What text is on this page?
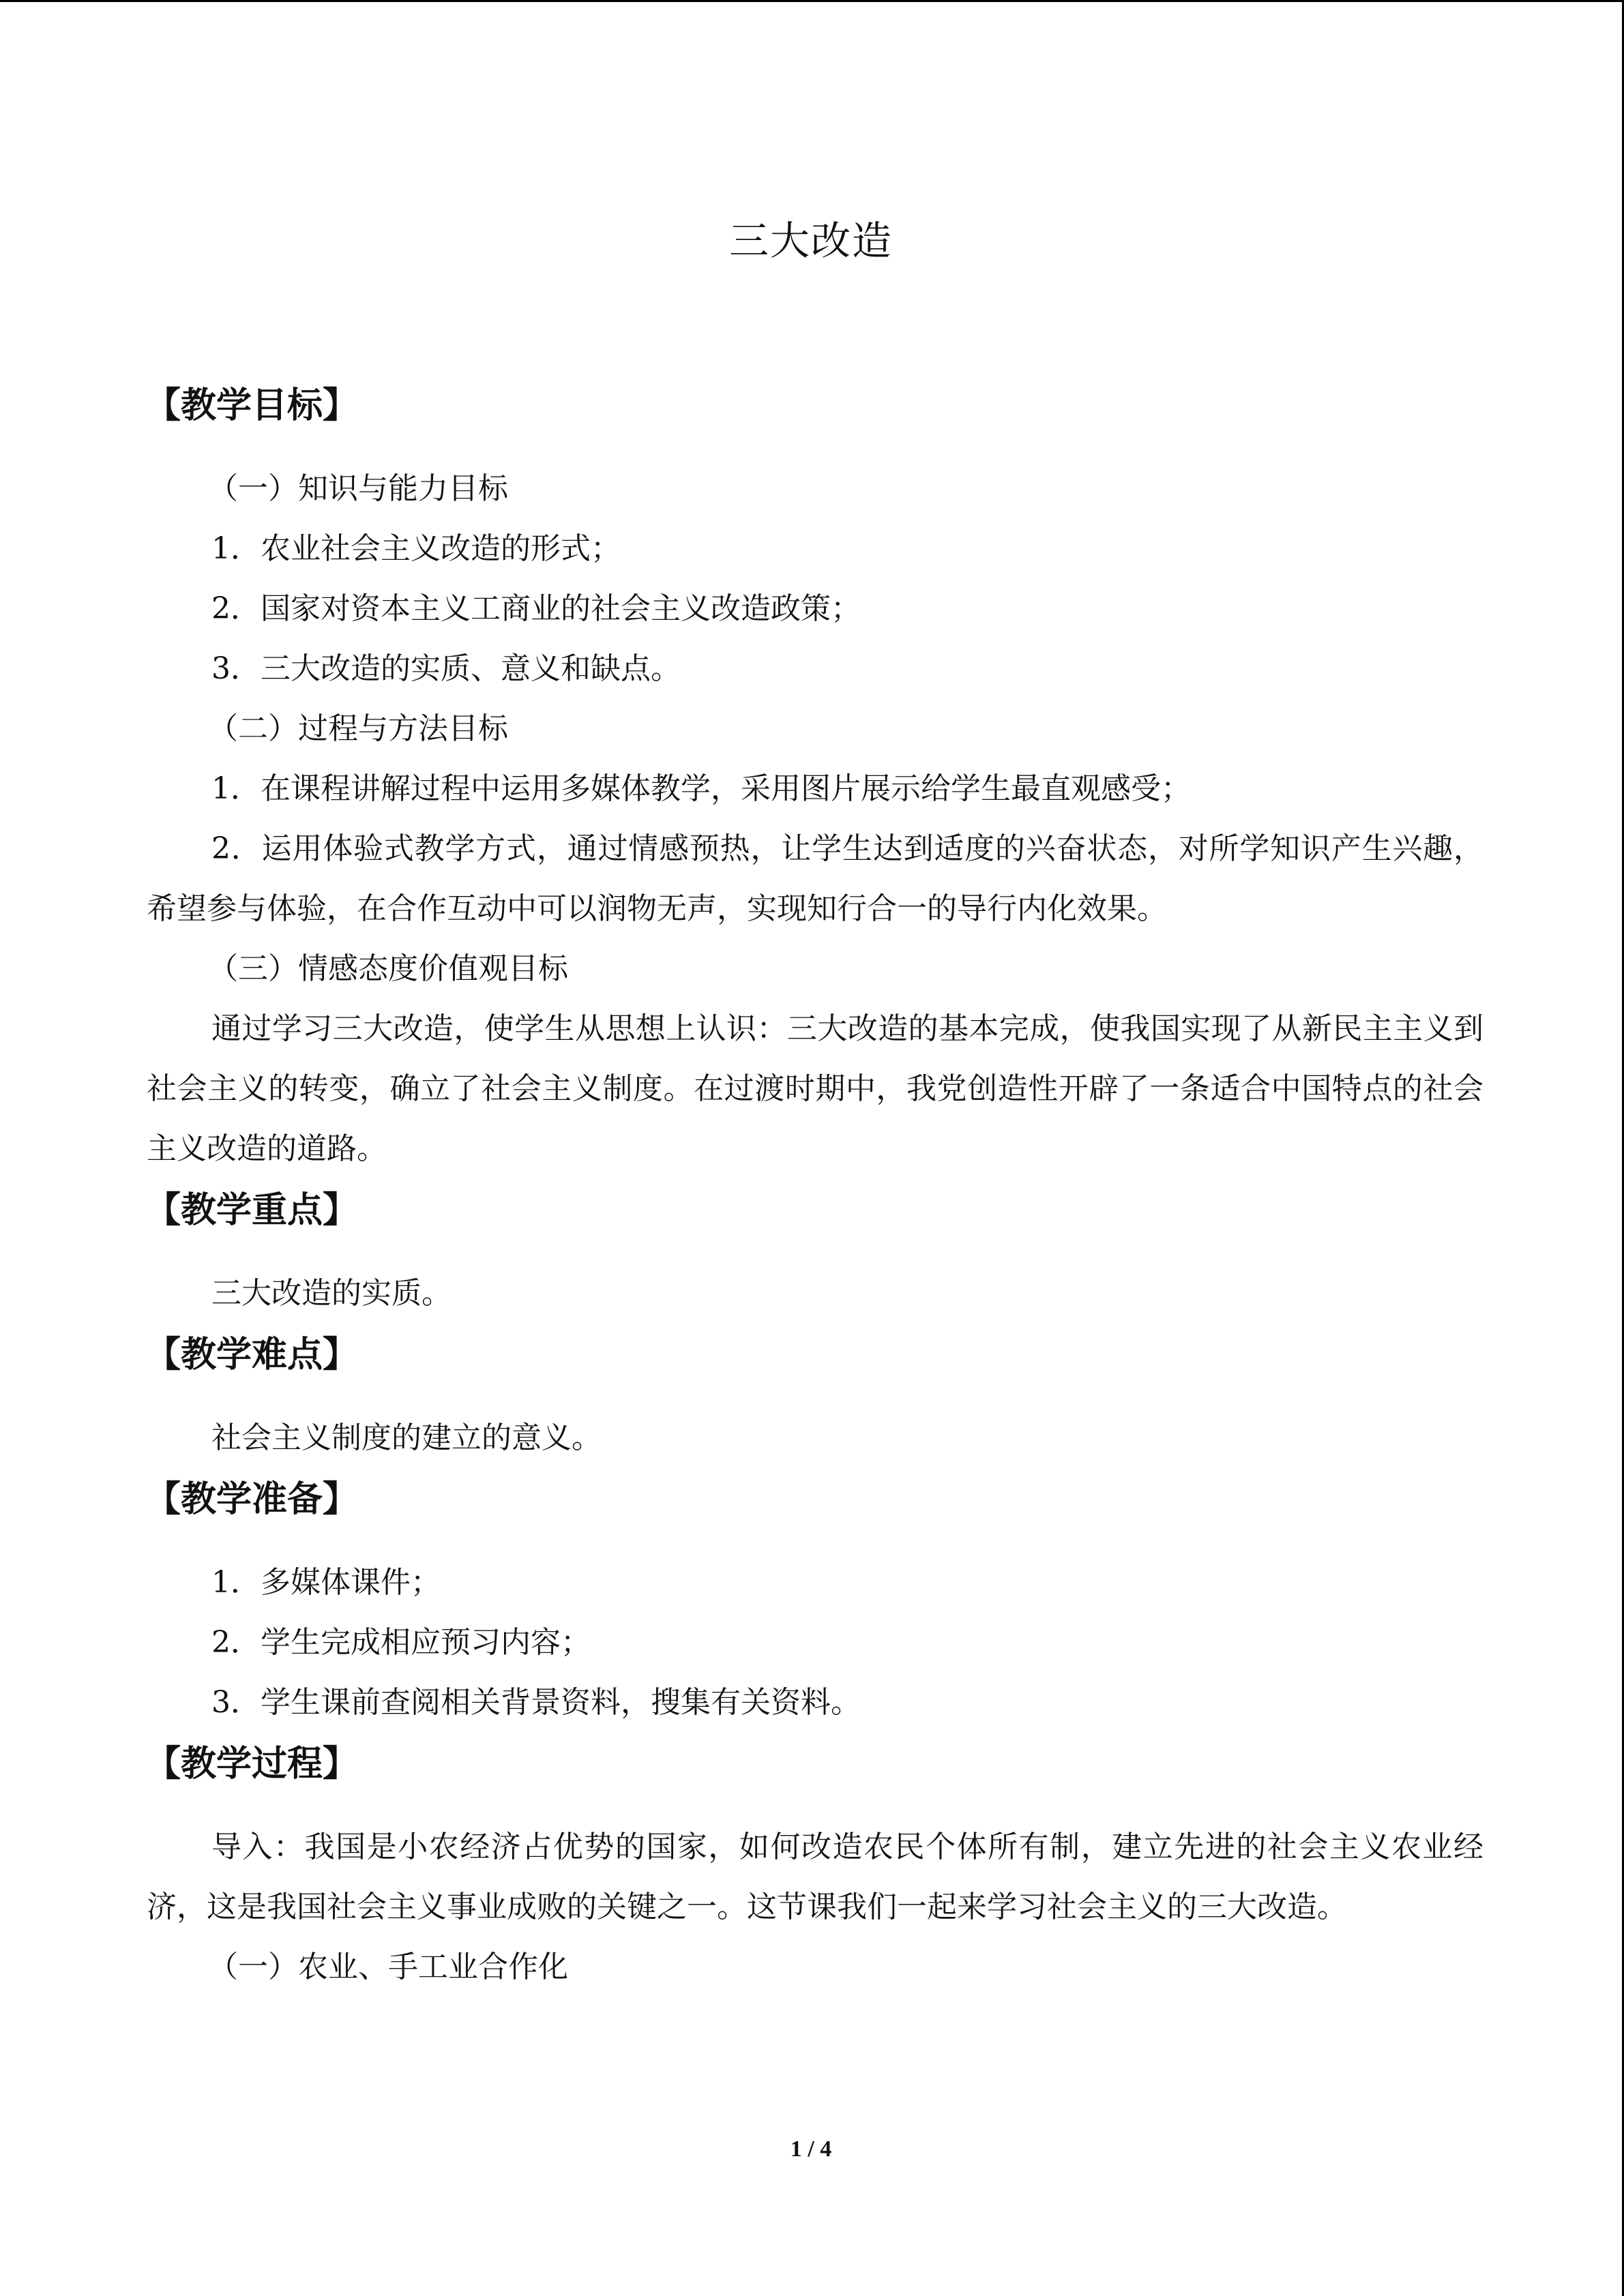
三大改造
【教学目标】
（一）知识与能力目标
1．农业社会主义改造的形式；
2．国家对资本主义工商业的社会主义改造政策；
3．三大改造的实质、意义和缺点。
（二）过程与方法目标
1．在课程讲解过程中运用多媒体教学，采用图片展示给学生最直观感受；

2．运用体验式教学方式，通过情感预热，让学生达到适度的兴奋状态，对所学知识产生兴趣，希望参与体验，在合作互动中可以润物无声，实现知行合一的导行内化效果。

（三）情感态度价值观目标

通过学习三大改造，使学生从思想上认识：三大改造的基本完成，使我国实现了从新民主主义到社会主义的转变，确立了社会主义制度。在过渡时期中，我党创造性开辟了一条适合中国特点的社会主义改造的道路。

【教学重点】

三大改造的实质。

【教学难点】

社会主义制度的建立的意义。

【教学准备】
1．多媒体课件；
2．学生完成相应预习内容；
3．学生课前查阅相关背景资料，搜集有关资料。
【教学过程】

导入：我国是小农经济占优势的国家，如何改造农民个体所有制，建立先进的社会主义农业经济，这是我国社会主义事业成败的关键之一。这节课我们一起来学习社会主义的三大改造。

（一）农业、手工业合作化
1 / 4
